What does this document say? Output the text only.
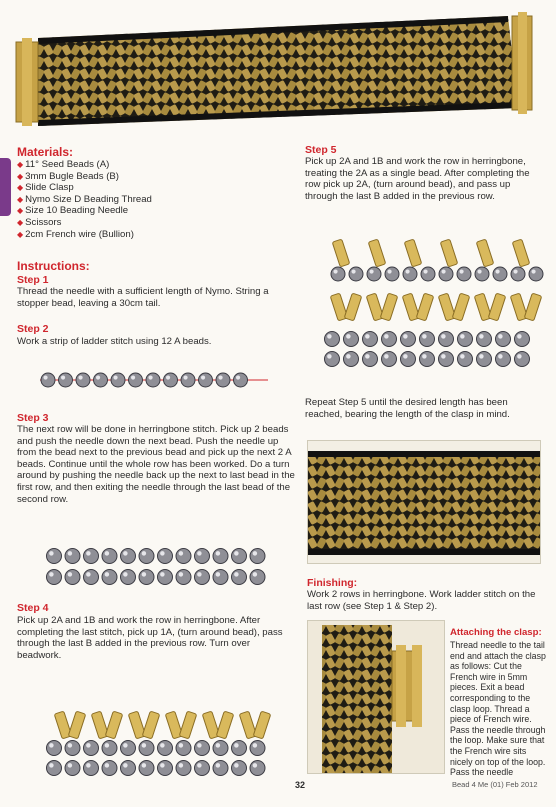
Materials:
◆ 11° Seed Beads (A)
◆ 3mm Bugle Beads (B)
◆ Slide Clasp
◆ Nymo Size D Beading Thread
◆ Size 10 Beading Needle
◆ Scissors
◆ 2cm French wire (Bullion)
Instructions:
Step 1
Thread the needle with a sufficient length of Nymo. String a stopper bead, leaving a 30cm tail.
Step 2
Work a strip of ladder stitch using 12 A beads.
Step 3
The next row will be done in herringbone stitch. Pick up 2 beads and push the needle down the next bead. Push the needle up from the bead next to the previous bead and pick up the next 2 A beads. Continue until the whole row has been worked. Do a turn around by pushing the needle back up the next to last bead in the first row, and then exiting the needle through the last bead of the second row.
Step 4
Pick up 2A and 1B and work the row in herringbone. After completing the last stitch, pick up 1A, (turn around bead), pass through the last B added in the previous row. Turn over beadwork.
Step 5
Pick up 2A and 1B and work the row in herringbone, treating the 2A as a single bead. After completing the row pick up 2A, (turn around bead), and pass up through the last B added in the previous row.
Repeat Step 5 until the desired length has been reached, bearing the length of the clasp in mind.
Finishing:
Work 2 rows in herringbone. Work ladder stitch on the last row (see Step 1 & Step 2).
Attaching the clasp:
Thread needle to the tail end and attach the clasp as follows: Cut the French wire in 5mm pieces. Exit a bead corresponding to the clasp loop. Thread a piece of French wire. Pass the needle through the loop. Make sure that the French wire sits nicely on top of the loop. Pass the needle
32	Bead 4 Me (01) Feb 2012
